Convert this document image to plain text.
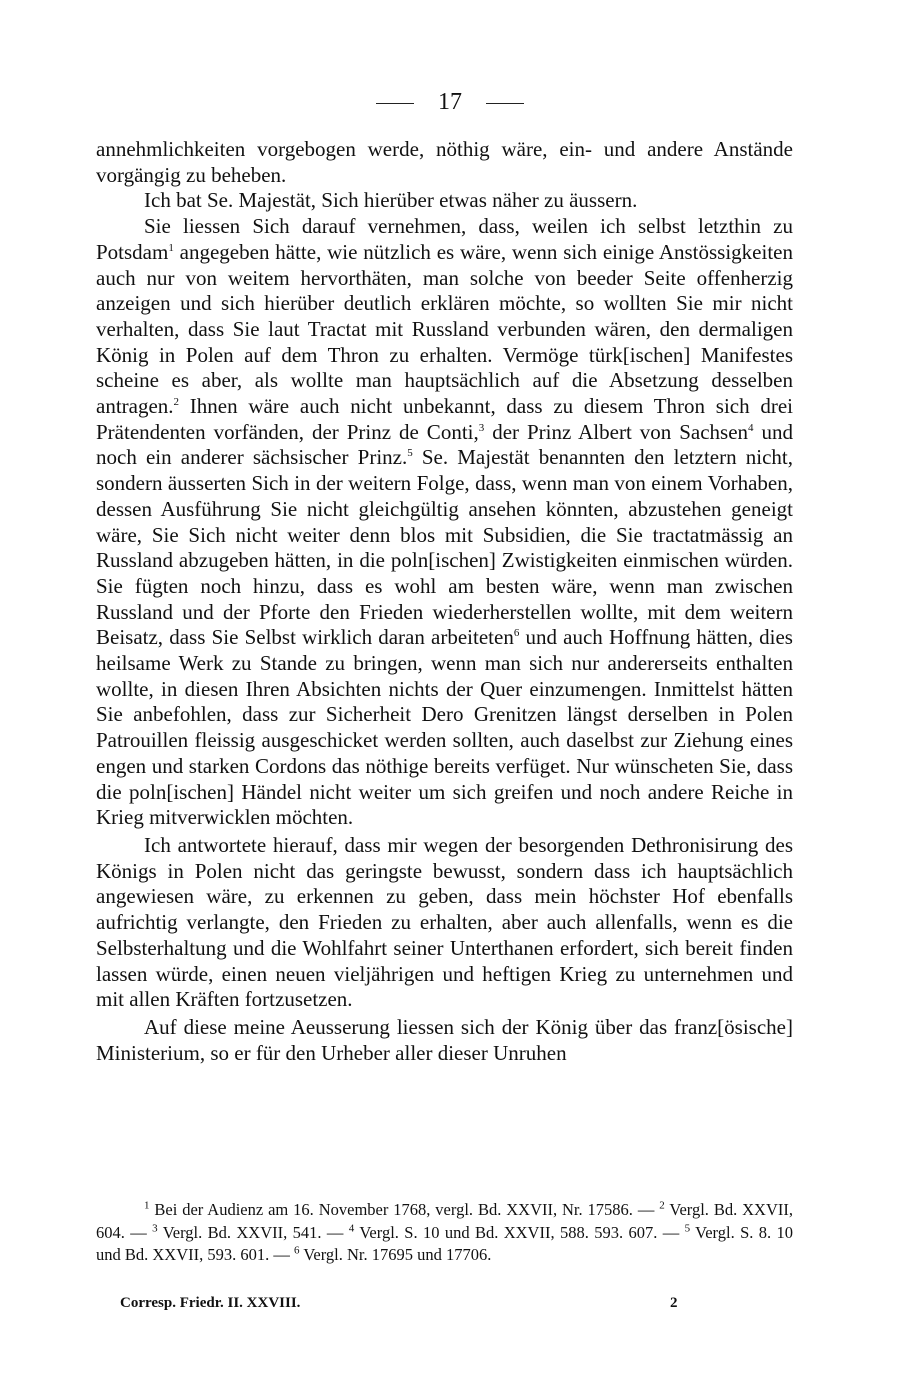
17

annehmlichkeiten vorgebogen werde, nöthig wäre, ein- und andere Anstände vorgängig zu beheben.

Ich bat Se. Majestät, Sich hierüber etwas näher zu äussern.

Sie liessen Sich darauf vernehmen, dass, weilen ich selbst letzthin zu Potsdam$^1$ angegeben hätte, wie nützlich es wäre, wenn sich einige Anstössigkeiten auch nur von weitem hervorthäten, man solche von beeder Seite offenherzig anzeigen und sich hierüber deutlich erklären möchte, so wollten Sie mir nicht verhalten, dass Sie laut Tractat mit Russland verbunden wären, den dermaligen König in Polen auf dem Thron zu erhalten. Vermöge türk[ischen] Manifestes scheine es aber, als wollte man hauptsächlich auf die Absetzung desselben antragen.$^2$ Ihnen wäre auch nicht unbekannt, dass zu diesem Thron sich drei Prätendenten vorfänden, der Prinz de Conti,$^3$ der Prinz Albert von Sachsen$^4$ und noch ein anderer sächsischer Prinz.$^5$ Se. Majestät benannten den letztern nicht, sondern äusserten Sich in der weitern Folge, dass, wenn man von einem Vorhaben, dessen Ausführung Sie nicht gleichgültig ansehen könnten, abzustehen geneigt wäre, Sie Sich nicht weiter denn blos mit Subsidien, die Sie tractatmässig an Russland abzugeben hätten, in die poln[ischen] Zwistigkeiten einmischen würden. Sie fügten noch hinzu, dass es wohl am besten wäre, wenn man zwischen Russland und der Pforte den Frieden wiederherstellen wollte, mit dem weitern Beisatz, dass Sie Selbst wirklich daran arbeiteten$^6$ und auch Hoffnung hätten, dies heilsame Werk zu Stande zu bringen, wenn man sich nur andererseits enthalten wollte, in diesen Ihren Absichten nichts der Quer einzumengen. Inmittelst hätten Sie anbefohlen, dass zur Sicherheit Dero Grenitzen längst derselben in Polen Patrouillen fleissig ausgeschicket werden sollten, auch daselbst zur Ziehung eines engen und starken Cordons das nöthige bereits verfüget. Nur wünscheten Sie, dass die poln[ischen] Händel nicht weiter um sich greifen und noch andere Reiche in Krieg mitverwicklen möchten.

Ich antwortete hierauf, dass mir wegen der besorgenden Dethronisirung des Königs in Polen nicht das geringste bewusst, sondern dass ich hauptsächlich angewiesen wäre, zu erkennen zu geben, dass mein höchster Hof ebenfalls aufrichtig verlangte, den Frieden zu erhalten, aber auch allenfalls, wenn es die Selbsterhaltung und die Wohlfahrt seiner Unterthanen erfordert, sich bereit finden lassen würde, einen neuen vieljährigen und heftigen Krieg zu unternehmen und mit allen Kräften fortzusetzen.

Auf diese meine Aeusserung liessen sich der König über das franz[ösische] Ministerium, so er für den Urheber aller dieser Unruhen

$^1$ Bei der Audienz am 16. November 1768, vergl. Bd. XXVII, Nr. 17586. — $^2$ Vergl. Bd. XXVII, 604. — $^3$ Vergl. Bd. XXVII, 541. — $^4$ Vergl. S. 10 und Bd. XXVII, 588. 593. 607. — $^5$ Vergl. S. 8. 10 und Bd. XXVII, 593. 601. — $^6$ Vergl. Nr. 17695 und 17706.

Corresp. Friedr. II. XXVIII.	2
